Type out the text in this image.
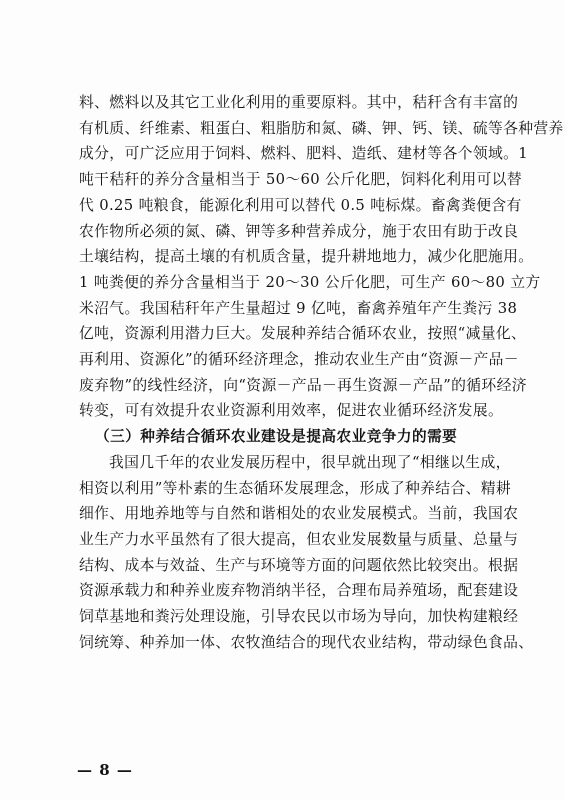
料、燃料以及其它工业化利用的重要原料。其中，秸秆含有丰富的
有机质、纤维素、粗蛋白、粗脂肪和氮、磷、钾、钙、镁、硫等各种营养
成分，可广泛应用于饲料、燃料、肥料、造纸、建材等各个领域。1
吨干秸秆的养分含量相当于 50～60 公斤化肥，饲料化利用可以替
代 0.25 吨粮食，能源化利用可以替代 0.5 吨标煤。畜禽粪便含有
农作物所必须的氮、磷、钾等多种营养成分，施于农田有助于改良
土壤结构，提高土壤的有机质含量，提升耕地地力，减少化肥施用。
1 吨粪便的养分含量相当于 20～30 公斤化肥，可生产 60～80 立方
米沼气。我国秸秆年产生量超过 9 亿吨，畜禽养殖年产生粪污 38
亿吨，资源利用潜力巨大。发展种养结合循环农业，按照“减量化、
再利用、资源化”的循环经济理念，推动农业生产由“资源－产品－
废弃物”的线性经济，向“资源－产品－再生资源－产品”的循环经济
转变，可有效提升农业资源利用效率，促进农业循环经济发展。

（三）种养结合循环农业建设是提高农业竞争力的需要

我国几千年的农业发展历程中，很早就出现了“相继以生成，
相资以利用”等朴素的生态循环发展理念，形成了种养结合、精耕
细作、用地养地等与自然和谐相处的农业发展模式。当前，我国农
业生产力水平虽然有了很大提高，但农业发展数量与质量、总量与
结构、成本与效益、生产与环境等方面的问题依然比较突出。根据
资源承载力和种养业废弃物消纳半径，合理布局养殖场，配套建设
饲草基地和粪污处理设施，引导农民以市场为导向，加快构建粮经
饲统筹、种养加一体、农牧渔结合的现代农业结构，带动绿色食品、

— 8 —
